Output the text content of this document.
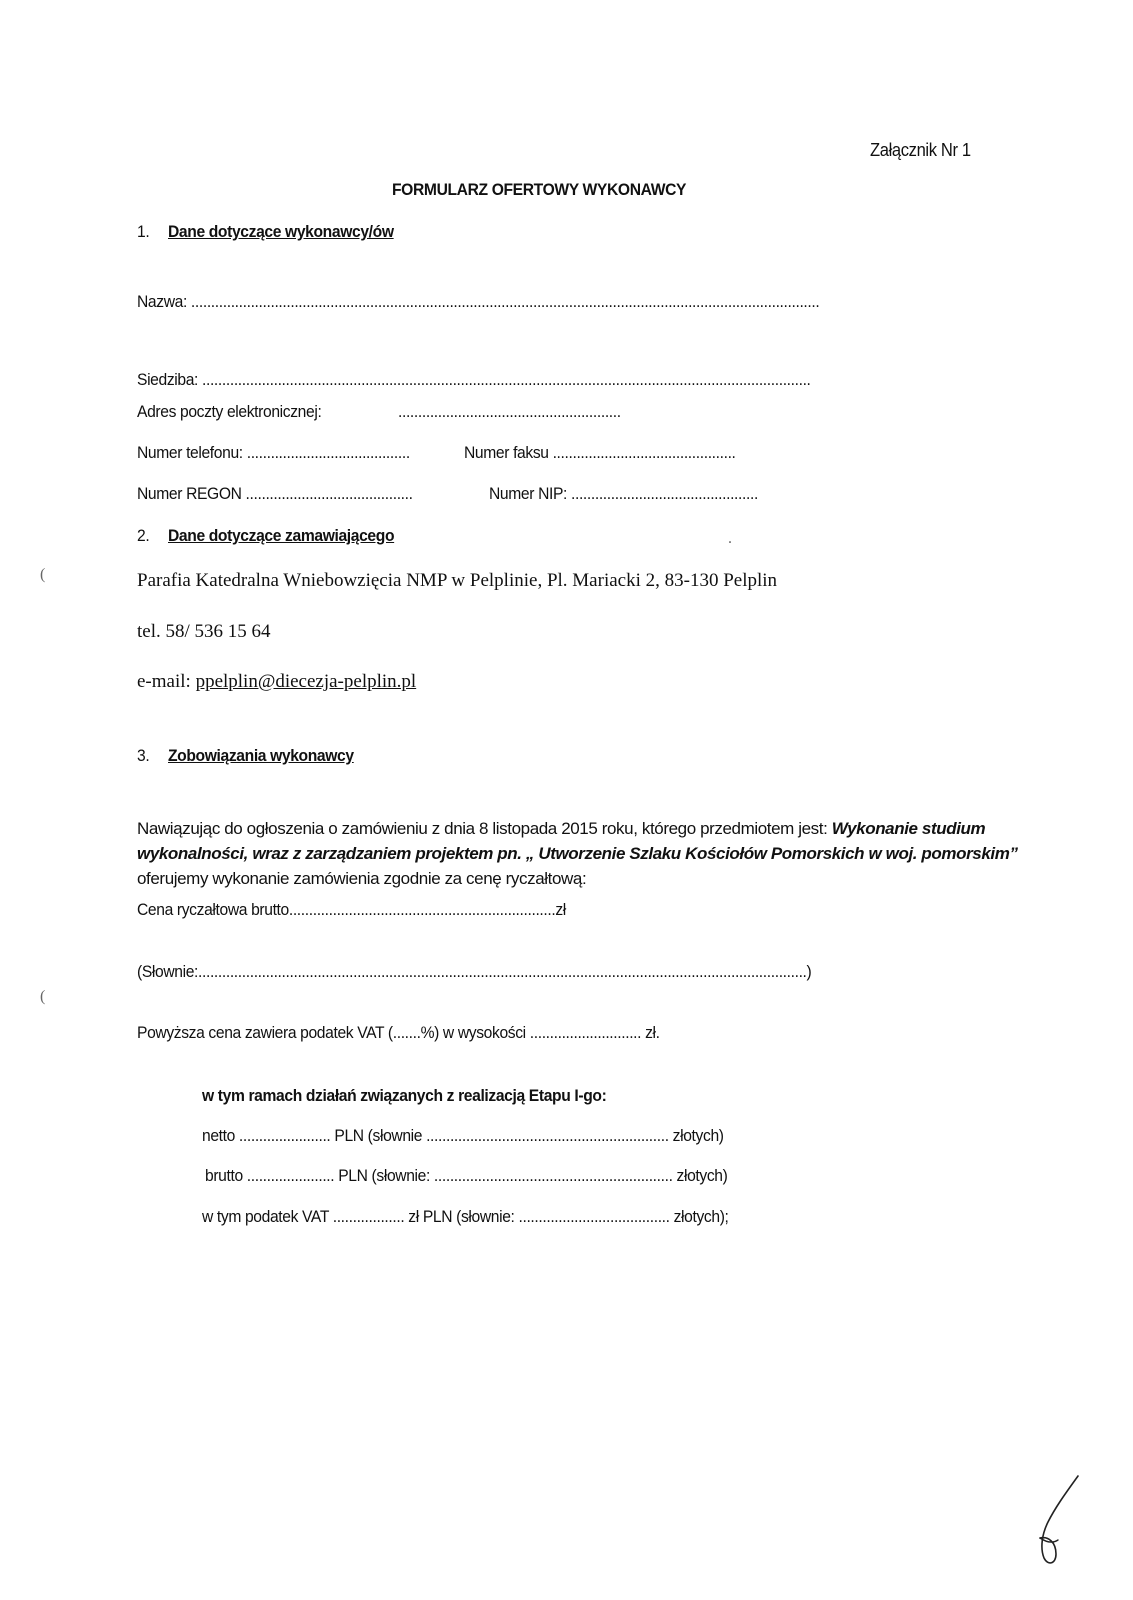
Załącznik Nr 1
FORMULARZ OFERTOWY WYKONAWCY
1. Dane dotyczące wykonawcy/ów
Nazwa: ..............................................................................................................................................................
Siedziba: .........................................................................................................................................................
Adres poczty elektronicznej:	........................................................
Numer telefonu: .........................................	Numer faksu ..............................................
Numer REGON ..........................................	Numer NIP: ...............................................
2. Dane dotyczące zamawiającego	.
Parafia Katedralna Wniebowzięcia NMP w Pelplinie, Pl. Mariacki 2, 83-130 Pelplin
tel. 58/ 536 15 64
e-mail: ppelplin@diecezja-pelplin.pl
(
(
3. Zobowiązania wykonawcy
Nawiązując do ogłoszenia o zamówieniu z dnia 8 listopada 2015 roku, którego przedmiotem jest: Wykonanie studium wykonalności, wraz z zarządzaniem projektem pn. „ Utworzenie Szlaku Kościołów Pomorskich w woj. pomorskim” oferujemy wykonanie zamówienia zgodnie za cenę ryczałtową:
Cena ryczałtowa brutto...................................................................zł
(Słownie:.........................................................................................................................................................)
Powyższa cena zawiera podatek VAT (.......%) w wysokości ............................ zł.
w tym ramach działań związanych z realizacją Etapu I-go:
netto ....................... PLN (słownie ............................................................. złotych)
brutto ...................... PLN (słownie: ............................................................ złotych)
w tym podatek VAT .................. zł PLN (słownie: ...................................... złotych);
